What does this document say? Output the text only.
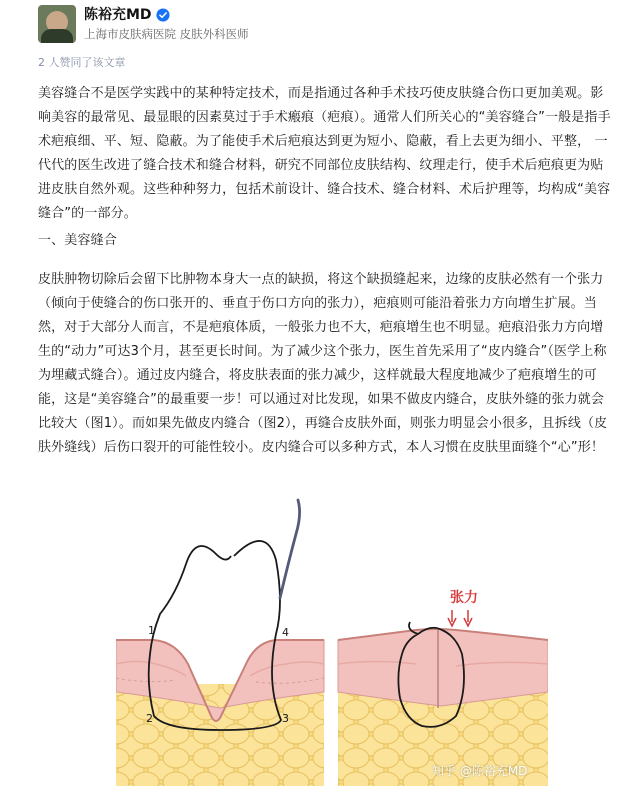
陈裕充MD
上海市皮肤病医院 皮肤外科医师
2 人赞同了该文章
美容缝合不是医学实践中的某种特定技术，而是指通过各种手术技巧使皮肤缝合伤口更加美观。影响美容的最常见、最显眼的因素莫过于手术瘢痕（疤痕）。通常人们所关心的“美容缝合”一般是指手术疤痕细、平、短、隐蔽。为了能使手术后疤痕达到更为短小、隐蔽，看上去更为细小、平整， 一代代的医生改进了缝合技术和缝合材料，研究不同部位皮肤结构、纹理走行，使手术后疤痕更为贴进皮肤自然外观。这些种种努力，包括术前设计、缝合技术、缝合材料、术后护理等，均构成“美容缝合”的一部分。
一、美容缝合
皮肤肿物切除后会留下比肿物本身大一点的缺损，将这个缺损缝起来，边缘的皮肤必然有一个张力（倾向于使缝合的伤口张开的、垂直于伤口方向的张力），疤痕则可能沿着张力方向增生扩展。当然，对于大部分人而言，不是疤痕体质，一般张力也不大，疤痕增生也不明显。疤痕沿张力方向增生的“动力”可达3个月，甚至更长时间。为了减少这个张力，医生首先采用了“皮内缝合”（医学上称为埋藏式缝合）。通过皮内缝合，将皮肤表面的张力减少，这样就最大程度地减少了疤痕增生的可能，这是“美容缝合”的最重要一步！可以通过对比发现，如果不做皮内缝合，皮肤外缝的张力就会比较大（图1）。而如果先做皮内缝合（图2），再缝合皮肤外面，则张力明显会小很多，且拆线（皮肤外缝线）后伤口裂开的可能性较小。皮内缝合可以多种方式，本人习惯在皮肤里面缝个“心”形！
1
2	3
4
张力
知乎 @陈裕充MD
